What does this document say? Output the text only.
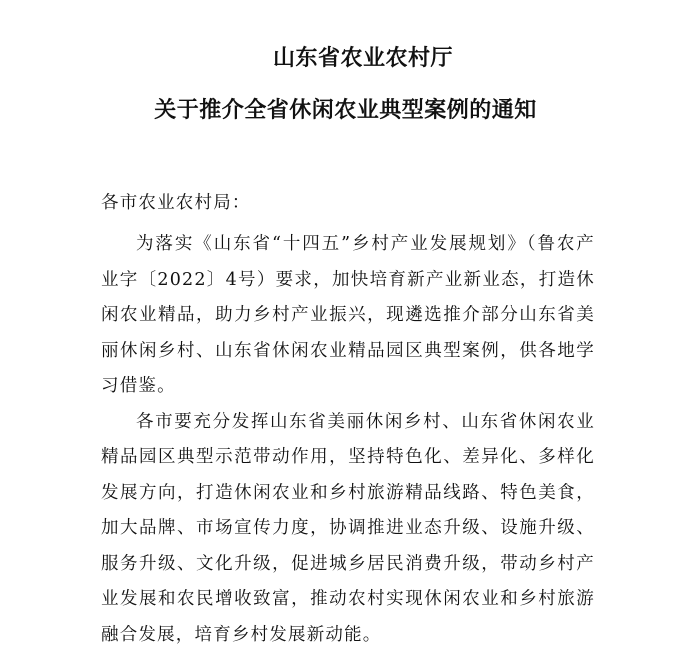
山东省农业农村厅
关于推介全省休闲农业典型案例的通知

各市农业农村局：

为落实《山东省“十四五”乡村产业发展规划》（鲁农产业字〔2022〕4号）要求，加快培育新产业新业态，打造休闲农业精品，助力乡村产业振兴，现遴选推介部分山东省美丽休闲乡村、山东省休闲农业精品园区典型案例，供各地学习借鉴。

各市要充分发挥山东省美丽休闲乡村、山东省休闲农业精品园区典型示范带动作用，坚持特色化、差异化、多样化发展方向，打造休闲农业和乡村旅游精品线路、特色美食，加大品牌、市场宣传力度，协调推进业态升级、设施升级、服务升级、文化升级，促进城乡居民消费升级，带动乡村产业发展和农民增收致富，推动农村实现休闲农业和乡村旅游融合发展，培育乡村发展新动能。
